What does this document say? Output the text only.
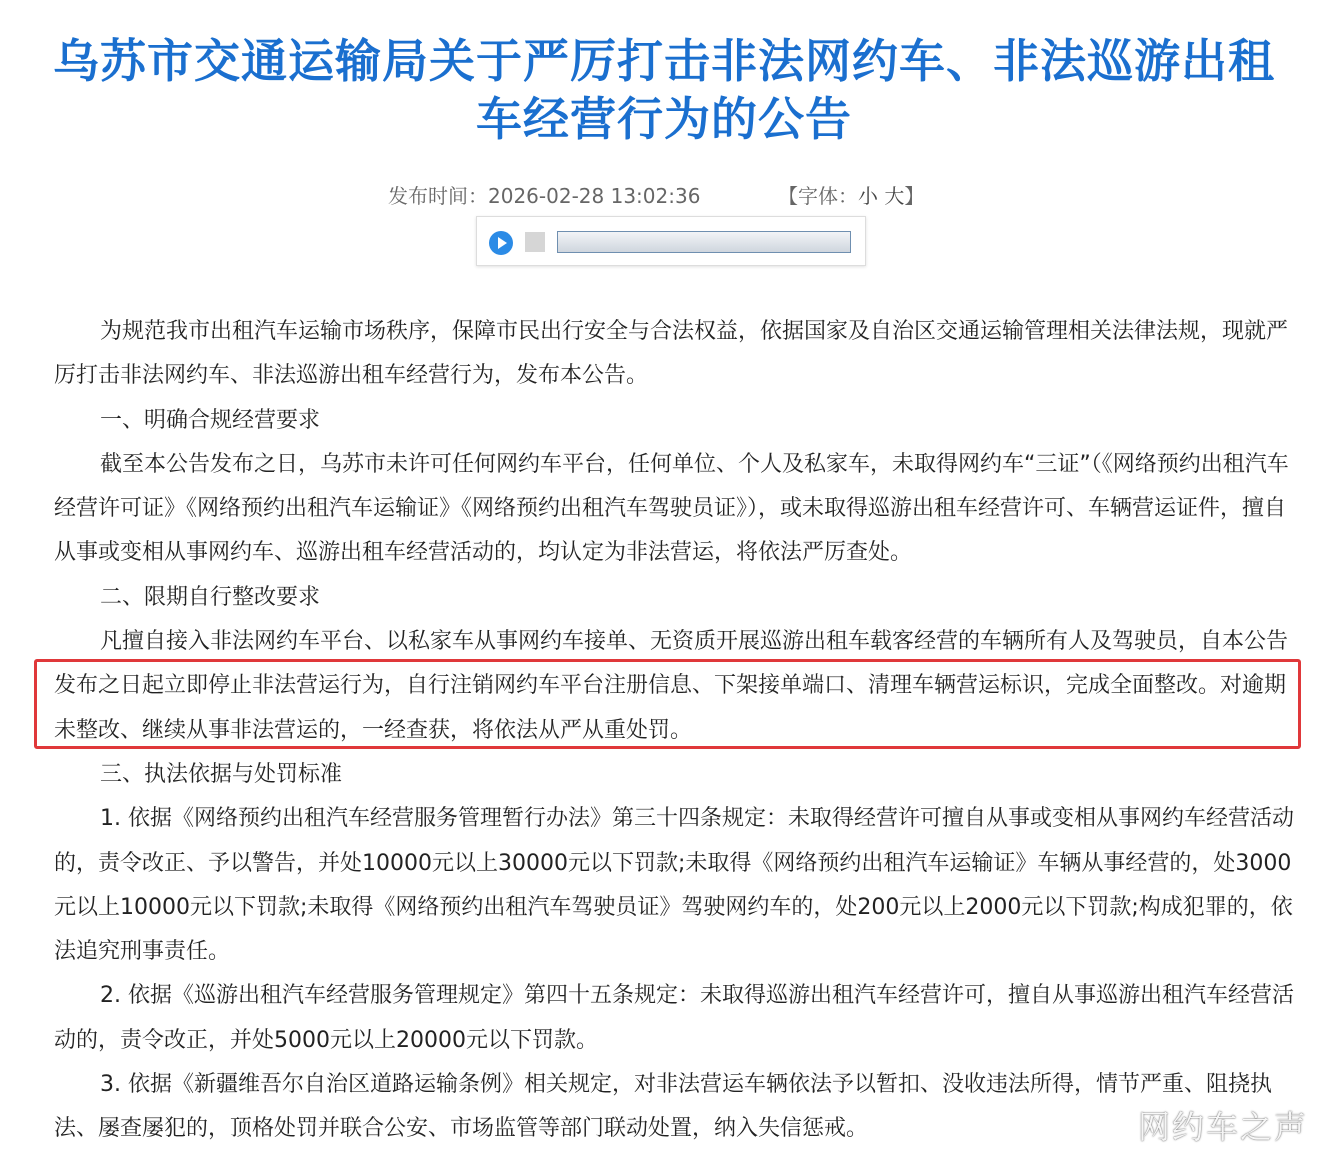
乌苏市交通运输局关于严厉打击非法网约车、非法巡游出租
车经营行为的公告
发布时间：2026-02-28 13:02:36	【字体：小 大】

为规范我市出租汽车运输市场秩序，保障市民出行安全与合法权益，依据国家及自治区交通运输管理相关法律法规，现就严厉打击非法网约车、非法巡游出租车经营行为，发布本公告。

一、明确合规经营要求

截至本公告发布之日，乌苏市未许可任何网约车平台，任何单位、个人及私家车，未取得网约车“三证”（《网络预约出租汽车经营许可证》《网络预约出租汽车运输证》《网络预约出租汽车驾驶员证》），或未取得巡游出租车经营许可、车辆营运证件，擅自从事或变相从事网约车、巡游出租车经营活动的，均认定为非法营运，将依法严厉查处。

二、限期自行整改要求

凡擅自接入非法网约车平台、以私家车从事网约车接单、无资质开展巡游出租车载客经营的车辆所有人及驾驶员，自本公告发布之日起立即停止非法营运行为，自行注销网约车平台注册信息、下架接单端口、清理车辆营运标识，完成全面整改。对逾期未整改、继续从事非法营运的，一经查获，将依法从严从重处罚。

三、执法依据与处罚标准

1. 依据《网络预约出租汽车经营服务管理暂行办法》第三十四条规定：未取得经营许可擅自从事或变相从事网约车经营活动的，责令改正、予以警告，并处10000元以上30000元以下罚款;未取得《网络预约出租汽车运输证》车辆从事经营的，处3000元以上10000元以下罚款;未取得《网络预约出租汽车驾驶员证》驾驶网约车的，处200元以上2000元以下罚款;构成犯罪的，依法追究刑事责任。

2. 依据《巡游出租汽车经营服务管理规定》第四十五条规定：未取得巡游出租汽车经营许可，擅自从事巡游出租汽车经营活动的，责令改正，并处5000元以上20000元以下罚款。

3. 依据《新疆维吾尔自治区道路运输条例》相关规定，对非法营运车辆依法予以暂扣、没收违法所得，情节严重、阻挠执法、屡查屡犯的，顶格处罚并联合公安、市场监管等部门联动处置，纳入失信惩戒。	网约车之声
